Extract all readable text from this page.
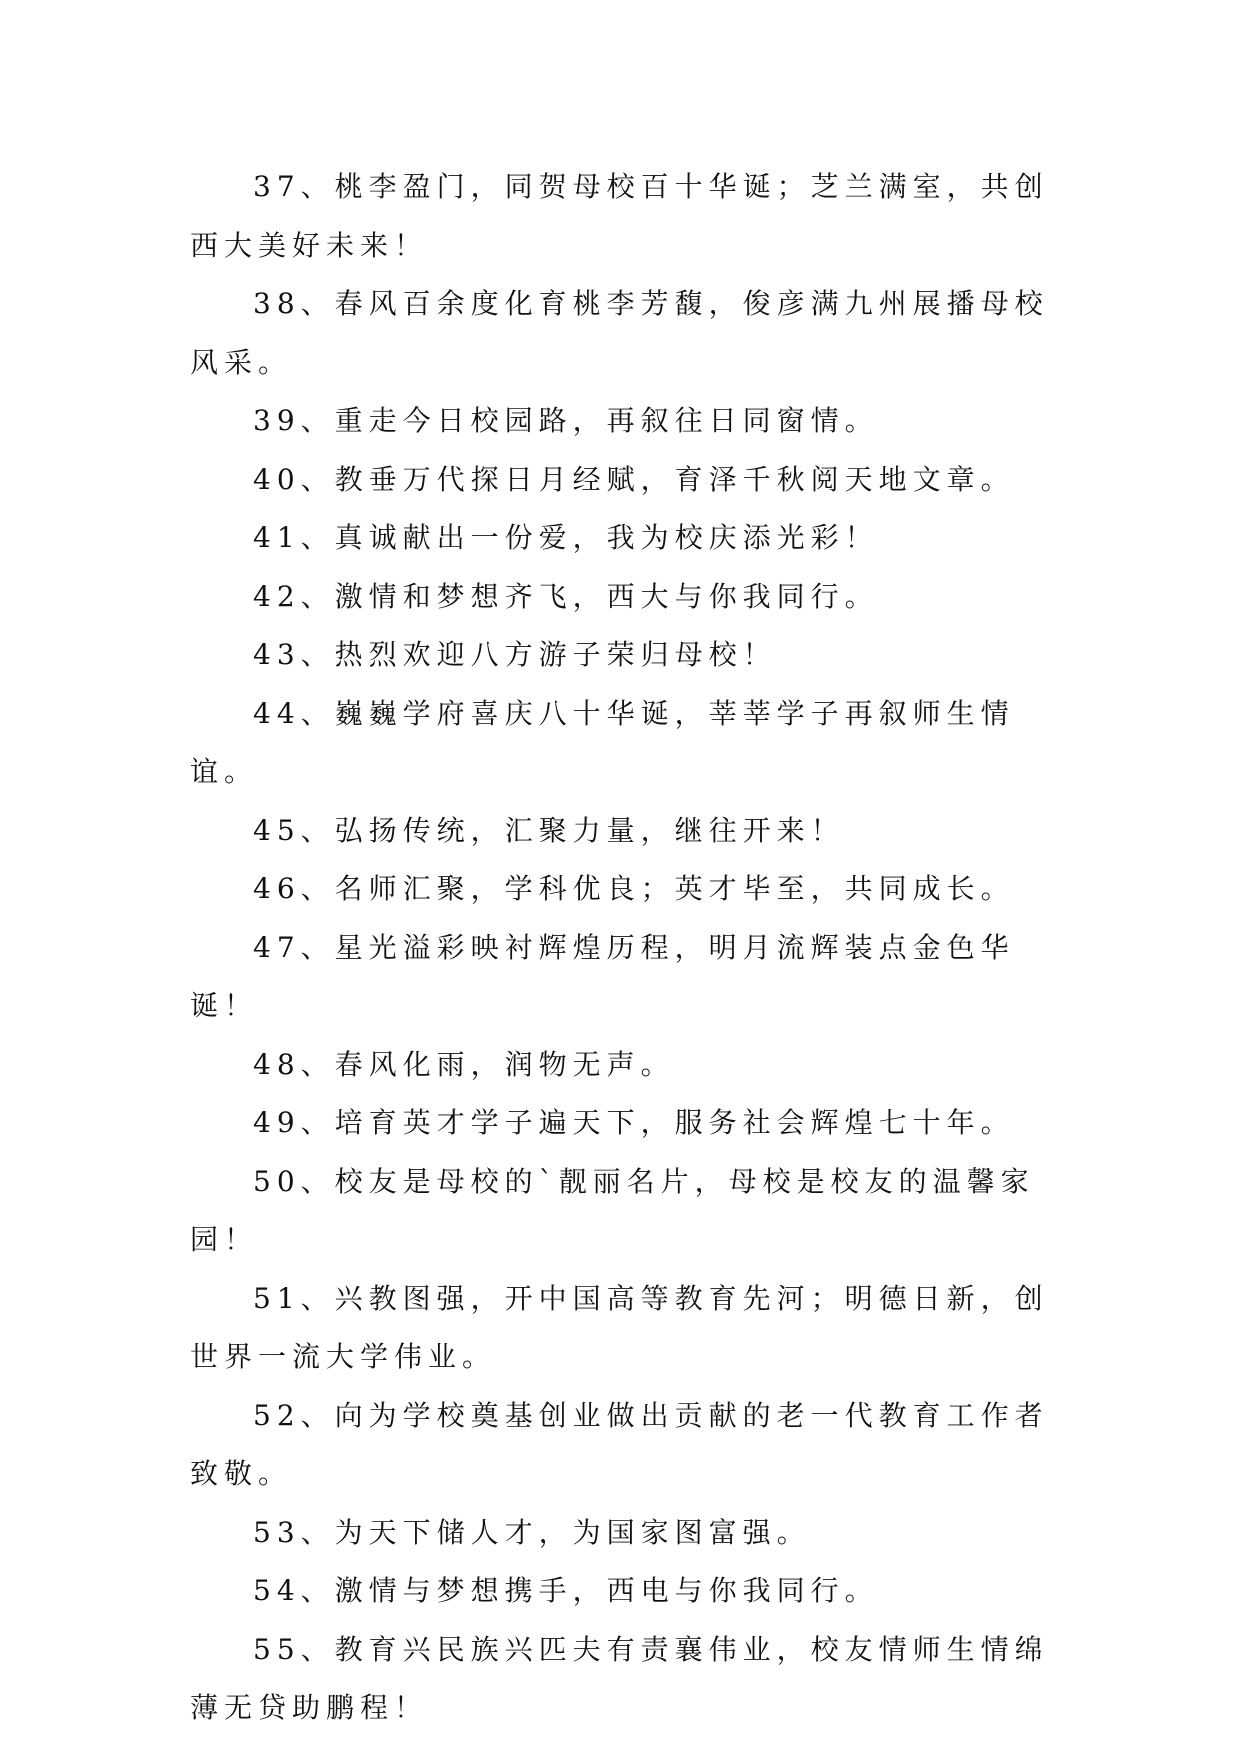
37、桃李盈门，同贺母校百十华诞；芝兰满室，共创西大美好未来！

38、春风百余度化育桃李芳馥，俊彦满九州展播母校风采。

39、重走今日校园路，再叙往日同窗情。

40、教垂万代探日月经赋，育泽千秋阅天地文章。

41、真诚献出一份爱，我为校庆添光彩！

42、激情和梦想齐飞，西大与你我同行。

43、热烈欢迎八方游子荣归母校！

44、巍巍学府喜庆八十华诞，莘莘学子再叙师生情谊。

45、弘扬传统，汇聚力量，继往开来！

46、名师汇聚，学科优良；英才毕至，共同成长。

47、星光溢彩映衬辉煌历程，明月流辉装点金色华诞！

48、春风化雨，润物无声。

49、培育英才学子遍天下，服务社会辉煌七十年。

50、校友是母校的`靓丽名片，母校是校友的温馨家园！

51、兴教图强，开中国高等教育先河；明德日新，创世界一流大学伟业。

52、向为学校奠基创业做出贡献的老一代教育工作者致敬。

53、为天下储人才，为国家图富强。

54、激情与梦想携手，西电与你我同行。

55、教育兴民族兴匹夫有责襄伟业，校友情师生情绵薄无贷助鹏程！
